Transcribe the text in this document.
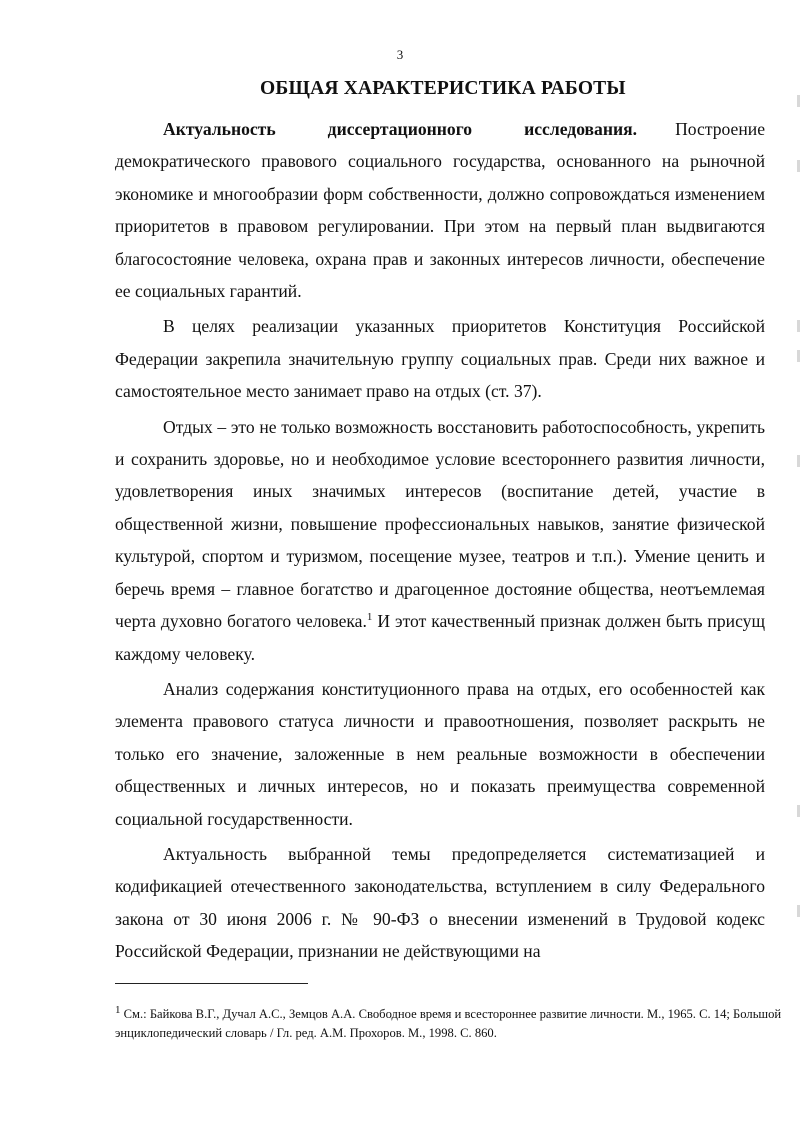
3
ОБЩАЯ ХАРАКТЕРИСТИКА РАБОТЫ

Актуальность диссертационного исследования. Построение демократического правового социального государства, основанного на рыночной экономике и многообразии форм собственности, должно сопровождаться изменением приоритетов в правовом регулировании. При этом на первый план выдвигаются благосостояние человека, охрана прав и законных интересов личности, обеспечение ее социальных гарантий.

В целях реализации указанных приоритетов Конституция Российской Федерации закрепила значительную группу социальных прав. Среди них важное и самостоятельное место занимает право на отдых (ст. 37).

Отдых – это не только возможность восстановить работоспособность, укрепить и сохранить здоровье, но и необходимое условие всестороннего развития личности, удовлетворения иных значимых интересов (воспитание детей, участие в общественной жизни, повышение профессиональных навыков, занятие физической культурой, спортом и туризмом, посещение музее, театров и т.п.). Умение ценить и беречь время – главное богатство и драгоценное достояние общества, неотъемлемая черта духовно богатого человека.$^1$ И этот качественный признак должен быть присущ каждому человеку.

Анализ содержания конституционного права на отдых, его особенностей как элемента правового статуса личности и правоотношения, позволяет раскрыть не только его значение, заложенные в нем реальные возможности в обеспечении общественных и личных интересов, но и показать преимущества современной социальной государственности.

Актуальность выбранной темы предопределяется систематизацией и кодификацией отечественного законодательства, вступлением в силу Федерального закона от 30 июня 2006 г. № 90-ФЗ о внесении изменений в Трудовой кодекс Российской Федерации, признании не действующими на

$^1$ См.: Байкова В.Г., Дучал А.С., Земцов А.А. Свободное время и всестороннее развитие личности. М., 1965. С. 14; Большой энциклопедический словарь / Гл. ред. А.М. Прохоров. М., 1998. С. 860.
